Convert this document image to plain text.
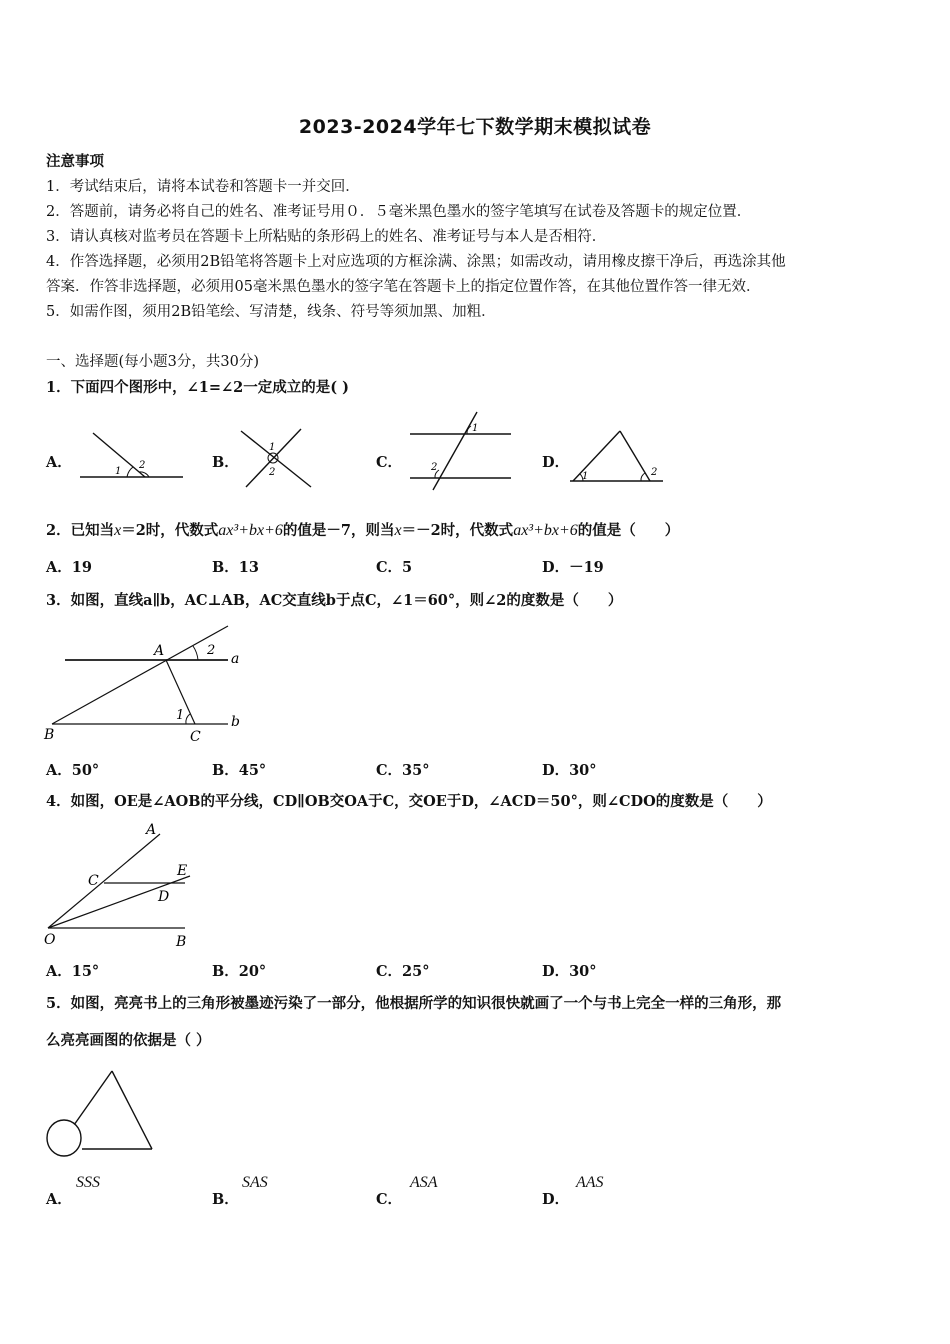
2023-2024学年七下数学期末模拟试卷
注意事项
1．考试结束后，请将本试卷和答题卡一并交回．
2．答题前，请务必将自己的姓名、准考证号用０．５毫米黑色墨水的签字笔填写在试卷及答题卡的规定位置．
3．请认真核对监考员在答题卡上所粘贴的条形码上的姓名、准考证号与本人是否相符．
4．作答选择题，必须用2B铅笔将答题卡上对应选项的方框涂满、涂黑；如需改动，请用橡皮擦干净后，再选涂其他
答案．作答非选择题，必须用05毫米黑色墨水的签字笔在答题卡上的指定位置作答，在其他位置作答一律无效．
5．如需作图，须用2B铅笔绘、写清楚，线条、符号等须加黑、加粗．
一、选择题(每小题3分，共30分)
1．下面四个图形中，∠1=∠2一定成立的是( )
A．
1
2	B．
1
2
C．
1
2	D．
1	2
2．已知当x＝2时，代数式ax³+bx+6的值是－7，则当x＝－2时，代数式ax³+bx+6的值是（　　）
A．19	B．13	C．5	D．－19
3．如图，直线a∥b，AC⊥AB，AC交直线b于点C，∠1＝60°，则∠2的度数是（　　）
A
B	C
a
b
1
2
A．50°	B．45°	C．35°	D．30°
4．如图，OE是∠AOB的平分线，CD∥OB交OA于C，交OE于D，∠ACD＝50°，则∠CDO的度数是（　　）
A
E
C
D
O	B
A．15°	B．20°	C．25°	D．30°
5．如图，亮亮书上的三角形被墨迹污染了一部分，他根据所学的知识很快就画了一个与书上完全一样的三角形，那
么亮亮画图的依据是（ ）
A．
SSS
B．
SAS
C．
ASA
D．
AAS
